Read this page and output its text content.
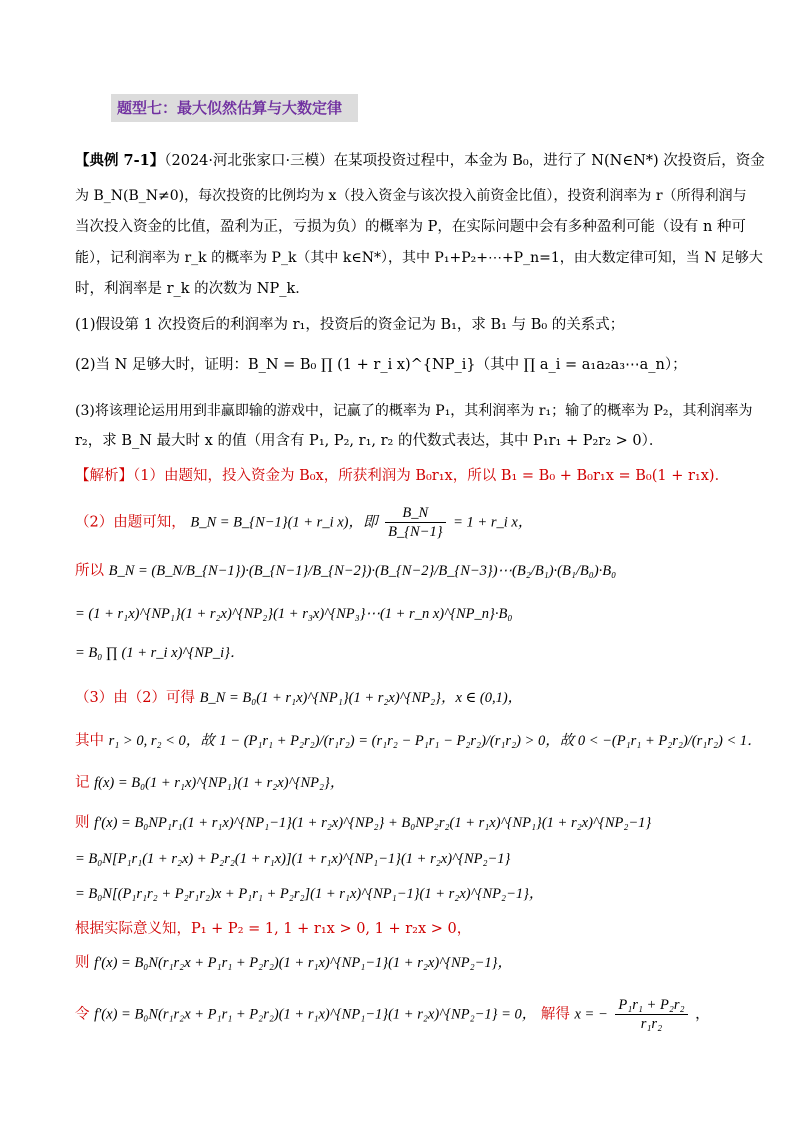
题型七：最大似然估算与大数定律
【典例 7-1】（2024·河北张家口·三模）在某项投资过程中，本金为 B₀，进行了 N(N∈N*) 次投资后，资金
为 B_N(B_N≠0)，每次投资的比例均为 x（投入资金与该次投入前资金比值），投资利润率为 r（所得利润与
当次投入资金的比值，盈利为正，亏损为负）的概率为 P，在实际问题中会有多种盈利可能（设有 n 种可
能），记利润率为 r_k 的概率为 P_k（其中 k∈N*），其中 P₁+P₂+⋯+P_n=1，由大数定律可知，当 N 足够大
时，利润率是 r_k 的次数为 NP_k．
(1)假设第 1 次投资后的利润率为 r₁，投资后的资金记为 B₁，求 B₁ 与 B₀ 的关系式；
(2)当 N 足够大时，证明：B_N = B₀ ∏ (1 + r_i x)^{NP_i}（其中 ∏ a_i = a₁a₂a₃⋯a_n）；
(3)将该理论运用用到非赢即输的游戏中，记赢了的概率为 P₁，其利润率为 r₁；输了的概率为 P₂，其利润率为
r₂，求 B_N 最大时 x 的值（用含有 P₁, P₂, r₁, r₂ 的代数式表达，其中 P₁r₁ + P₂r₂ > 0）．
【解析】（1）由题知，投入资金为 B₀x，所获利润为 B₀r₁x，所以 B₁ = B₀ + B₀r₁x = B₀(1 + r₁x)．
（2）由题可知， B_N = B_{N−1}(1 + r_i x)，即 $\frac{B\_N}{B\_\{N-1\}} = 1$ + r_i x，
所以 B_N = (B_N/B_{N−1})·(B_{N−1}/B_{N−2})·(B_{N−2}/B_{N−3})⋯(B₂/B₁)·(B₁/B₀)·B₀
= (1 + r₁x)^{NP₁}(1 + r₂x)^{NP₂}(1 + r₃x)^{NP₃}⋯(1 + r_n x)^{NP_n}·B₀
= B₀ ∏ (1 + r_i x)^{NP_i}．
（3）由（2）可得 B_N = B₀(1 + r₁x)^{NP₁}(1 + r₂x)^{NP₂}，x ∈ (0,1)，
其中 r₁ > 0, r₂ < 0，故 1 − (P₁r₁ + P₂r₂)/(r₁r₂) = (r₁r₂ − P₁r₁ − P₂r₂)/(r₁r₂) > 0，故 0 < −(P₁r₁ + P₂r₂)/(r₁r₂) < 1．
记 f(x) = B₀(1 + r₁x)^{NP₁}(1 + r₂x)^{NP₂}，
则 f′(x) = B₀NP₁r₁(1 + r₁x)^{NP₁−1}(1 + r₂x)^{NP₂} + B₀NP₂r₂(1 + r₁x)^{NP₁}(1 + r₂x)^{NP₂−1}
= B₀N[P₁r₁(1 + r₂x) + P₂r₂(1 + r₁x)](1 + r₁x)^{NP₁−1}(1 + r₂x)^{NP₂−1}
= B₀N[(P₁r₁r₂ + P₂r₁r₂)x + P₁r₁ + P₂r₂](1 + r₁x)^{NP₁−1}(1 + r₂x)^{NP₂−1}，
根据实际意义知，P₁ + P₂ = 1, 1 + r₁x > 0, 1 + r₂x > 0，
则 f′(x) = B₀N(r₁r₂x + P₁r₁ + P₂r₂)(1 + r₁x)^{NP₁−1}(1 + r₂x)^{NP₂−1}，
令 f′(x) = B₀N(r₁r₂x + P₁r₁ + P₂r₂)(1 + r₁x)^{NP₁−1}(1 + r₂x)^{NP₂−1} = 0， 解得 x = − $\frac{\text{P₁r₁ + P₂r₂}}{\text{r₁r₂}}$ ，
